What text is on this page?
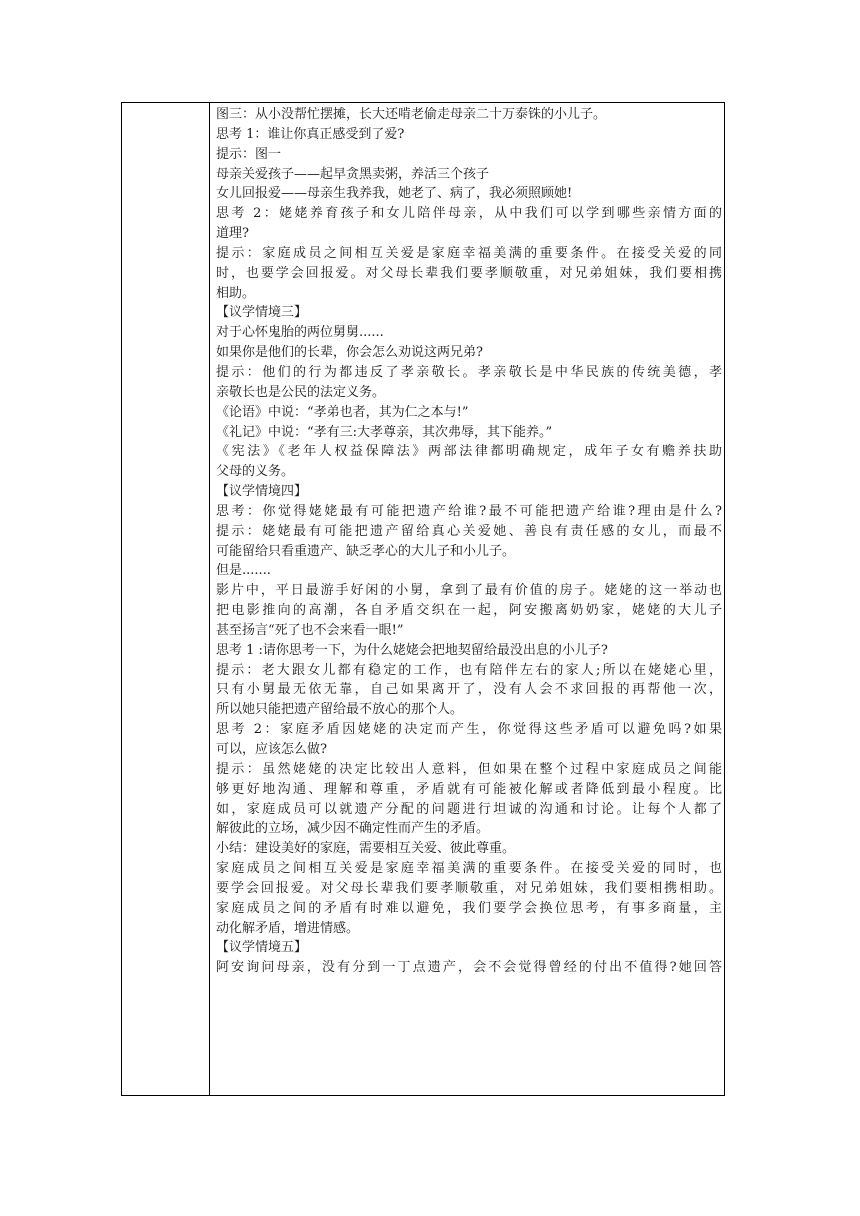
图三：从小没帮忙摆摊，长大还啃老偷走母亲二十万泰铢的小儿子。

思考 1：谁让你真正感受到了爱?

提示：图一

母亲关爱孩子——起早贪黑卖粥，养活三个孩子

女儿回报爱——母亲生我养我，她老了、病了，我必须照顾她!

思考 2：姥姥养育孩子和女儿陪伴母亲，从中我们可以学到哪些亲情方面的

道理?

提示：家庭成员之间相互关爱是家庭幸福美满的重要条件。在接受关爱的同

时，也要学会回报爱。对父母长辈我们要孝顺敬重，对兄弟姐妹，我们要相携

相助。

【议学情境三】

对于心怀鬼胎的两位舅舅......

如果你是他们的长辈，你会怎么劝说这两兄弟?

提示：他们的行为都违反了孝亲敬长。孝亲敬长是中华民族的传统美德，孝

亲敬长也是公民的法定义务。

《论语》中说：“孝弟也者，其为仁之本与!”

《礼记》中说：“孝有三:大孝尊亲，其次弗辱，其下能养。”

《宪法》《老年人权益保障法》两部法律都明确规定，成年子女有赡养扶助

父母的义务。

【议学情境四】

思考：你觉得姥姥最有可能把遗产给谁?最不可能把遗产给谁?理由是什么?

提示：姥姥最有可能把遗产留给真心关爱她、善良有责任感的女儿，而最不

可能留给只看重遗产、缺乏孝心的大儿子和小儿子。

但是.......

影片中，平日最游手好闲的小舅，拿到了最有价值的房子。姥姥的这一举动也

把电影推向的高潮，各自矛盾交织在一起，阿安搬离奶奶家，姥姥的大儿子

甚至扬言“死了也不会来看一眼!”

思考 1 :请你思考一下，为什么姥姥会把地契留给最没出息的小儿子?

提示：老大跟女儿都有稳定的工作，也有陪伴左右的家人;所以在姥姥心里，

只有小舅最无依无靠，自己如果离开了，没有人会不求回报的再帮他一次，

所以她只能把遗产留给最不放心的那个人。

思考 2：家庭矛盾因姥姥的决定而产生，你觉得这些矛盾可以避免吗?如果

可以，应该怎么做?

提示：虽然姥姥的决定比较出人意料，但如果在整个过程中家庭成员之间能

够更好地沟通、理解和尊重，矛盾就有可能被化解或者降低到最小程度。比

如，家庭成员可以就遗产分配的问题进行坦诚的沟通和讨论。让每个人都了

解彼此的立场，减少因不确定性而产生的矛盾。

小结：建设美好的家庭，需要相互关爱、彼此尊重。

家庭成员之间相互关爱是家庭幸福美满的重要条件。在接受关爱的同时，也

要学会回报爱。对父母长辈我们要孝顺敬重，对兄弟姐妹，我们要相携相助。

家庭成员之间的矛盾有时难以避免，我们要学会换位思考，有事多商量，主

动化解矛盾，增进情感。

【议学情境五】

阿安询问母亲，没有分到一丁点遗产，会不会觉得曾经的付出不值得?她回答
